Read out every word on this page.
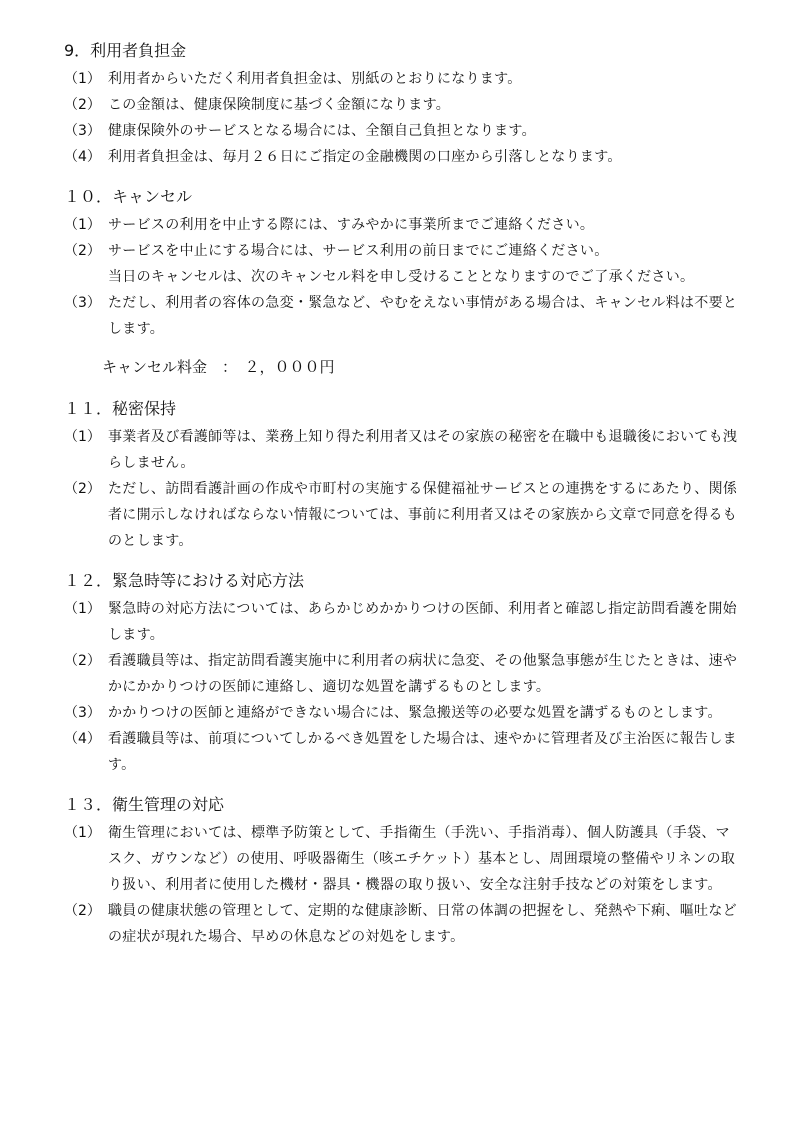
9．利用者負担金
（1） 利用者からいただく利用者負担金は、別紙のとおりになります。
（2） この金額は、健康保険制度に基づく金額になります。
（3） 健康保険外のサービスとなる場合には、全額自己負担となります。
（4） 利用者負担金は、毎月２６日にご指定の金融機関の口座から引落しとなります。
１０．キャンセル
（1） サービスの利用を中止する際には、すみやかに事業所までご連絡ください。
（2） サービスを中止にする場合には、サービス利用の前日までにご連絡ください。
当日のキャンセルは、次のキャンセル料を申し受けることとなりますのでご了承ください。
（3） ただし、利用者の容体の急変・緊急など、やむをえない事情がある場合は、キャンセル料は不要とします。
キャンセル料金　：　２，０００円
１１．秘密保持
（1） 事業者及び看護師等は、業務上知り得た利用者又はその家族の秘密を在職中も退職後においても洩らしません。
（2） ただし、訪問看護計画の作成や市町村の実施する保健福祉サービスとの連携をするにあたり、関係者に開示しなければならない情報については、事前に利用者又はその家族から文章で同意を得るものとします。
１２．緊急時等における対応方法
（1） 緊急時の対応方法については、あらかじめかかりつけの医師、利用者と確認し指定訪問看護を開始します。
（2） 看護職員等は、指定訪問看護実施中に利用者の病状に急変、その他緊急事態が生じたときは、速やかにかかりつけの医師に連絡し、適切な処置を講ずるものとします。
（3） かかりつけの医師と連絡ができない場合には、緊急搬送等の必要な処置を講ずるものとします。
（4） 看護職員等は、前項についてしかるべき処置をした場合は、速やかに管理者及び主治医に報告します。
１３．衛生管理の対応
（1） 衛生管理においては、標準予防策として、手指衛生（手洗い、手指消毒）、個人防護具（手袋、マスク、ガウンなど）の使用、呼吸器衛生（咳エチケット）基本とし、周囲環境の整備やリネンの取り扱い、利用者に使用した機材・器具・機器の取り扱い、安全な注射手技などの対策をします。
（2） 職員の健康状態の管理として、定期的な健康診断、日常の体調の把握をし、発熱や下痢、嘔吐などの症状が現れた場合、早めの休息などの対処をします。
